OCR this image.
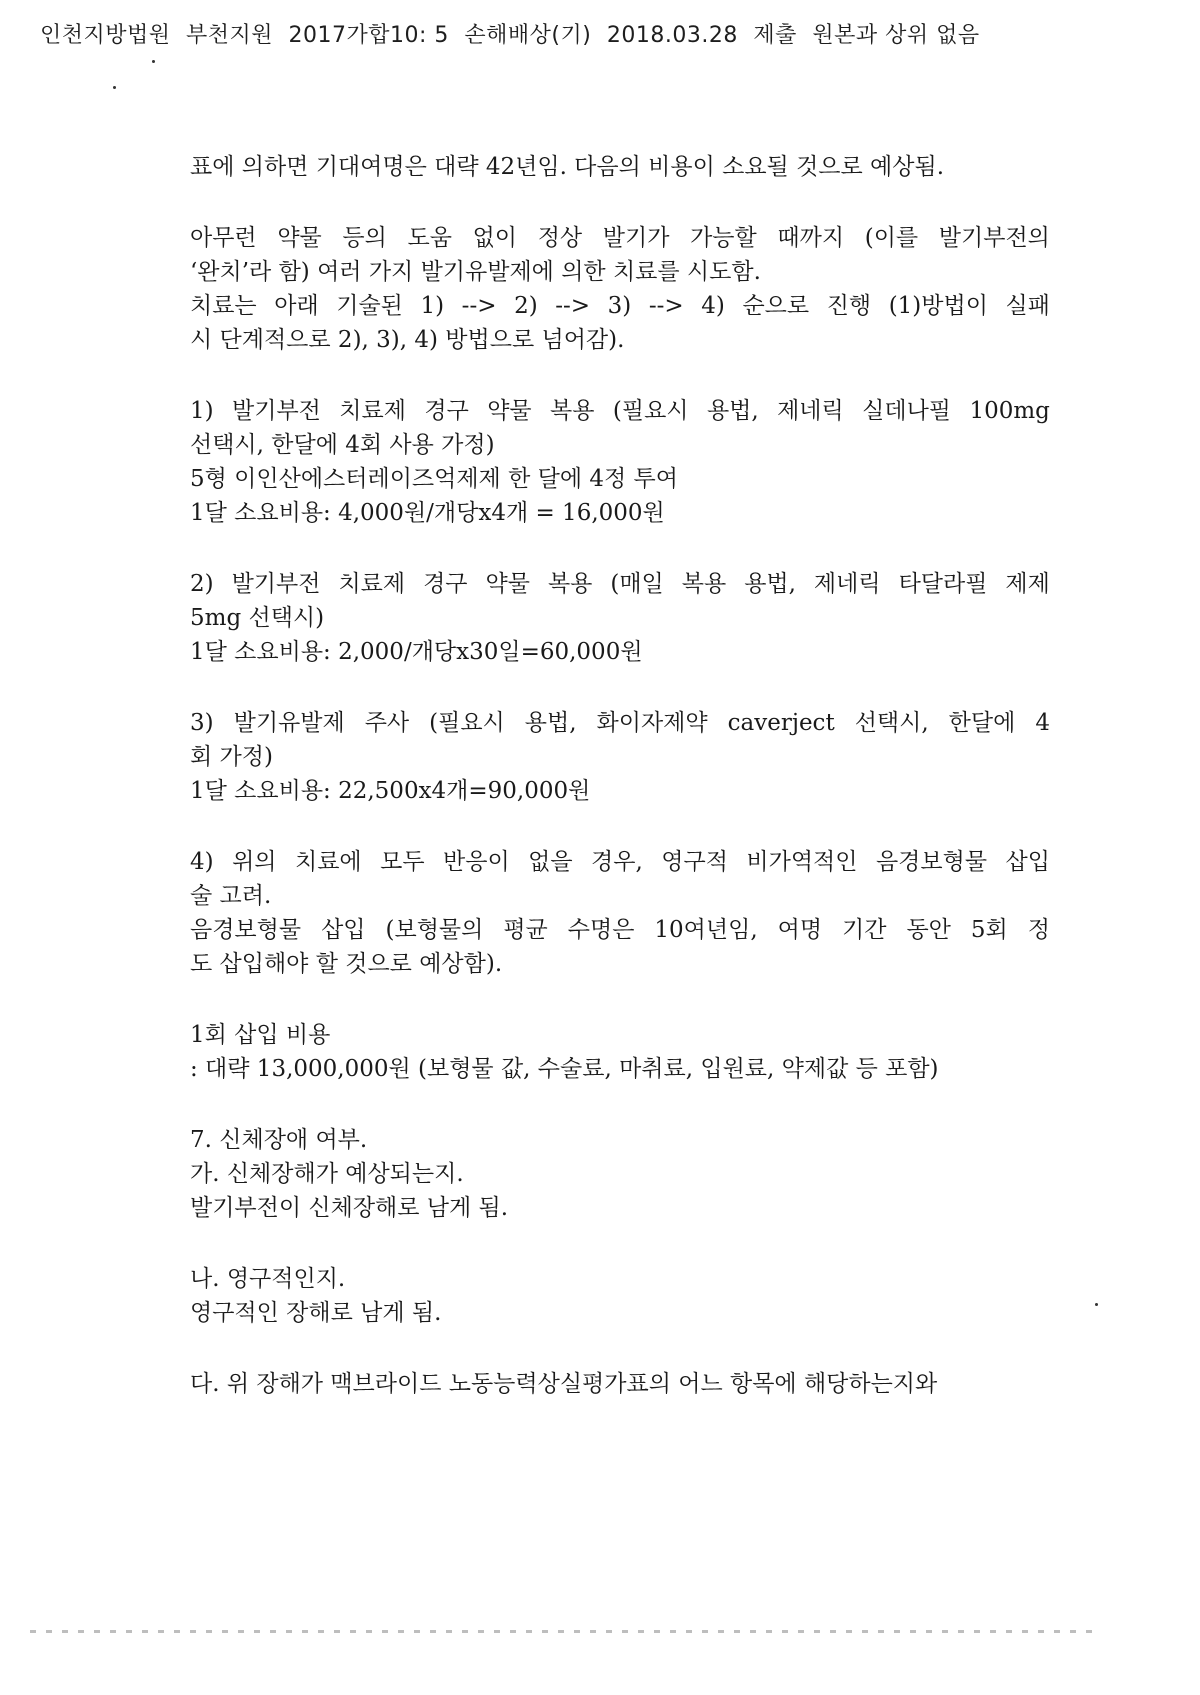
인천지방법원 부천지원 2017가합10: 5 손해배상(기) 2018.03.28 제출 원본과 상위 없음
표에 의하면 기대여명은 대략 42년임. 다음의 비용이 소요될 것으로 예상됨.
아무런 약물 등의 도움 없이 정상 발기가 가능할 때까지 (이를 발기부전의
‘완치’라 함) 여러 가지 발기유발제에 의한 치료를 시도함.
치료는 아래 기술된 1) --> 2) --> 3) --> 4) 순으로 진행 (1)방법이 실패
시 단계적으로 2), 3), 4) 방법으로 넘어감).
1) 발기부전 치료제 경구 약물 복용 (필요시 용법, 제네릭 실데나필 100mg
선택시, 한달에 4회 사용 가정)
5형 이인산에스터레이즈억제제 한 달에 4정 투여
1달 소요비용: 4,000원/개당x4개 = 16,000원
2) 발기부전 치료제 경구 약물 복용 (매일 복용 용법, 제네릭 타달라필 제제
5mg 선택시)
1달 소요비용: 2,000/개당x30일=60,000원
3) 발기유발제 주사 (필요시 용법, 화이자제약 caverject 선택시, 한달에 4
회 가정)
1달 소요비용: 22,500x4개=90,000원
4) 위의 치료에 모두 반응이 없을 경우, 영구적 비가역적인 음경보형물 삽입
술 고려.
음경보형물 삽입 (보형물의 평균 수명은 10여년임, 여명 기간 동안 5회 정
도 삽입해야 할 것으로 예상함).
1회 삽입 비용
: 대략 13,000,000원 (보형물 값, 수술료, 마취료, 입원료, 약제값 등 포함)
7. 신체장애 여부.
가. 신체장해가 예상되는지.
발기부전이 신체장해로 남게 됨.
나. 영구적인지.
영구적인 장해로 남게 됨.
다. 위 장해가 맥브라이드 노동능력상실평가표의 어느 항목에 해당하는지와
